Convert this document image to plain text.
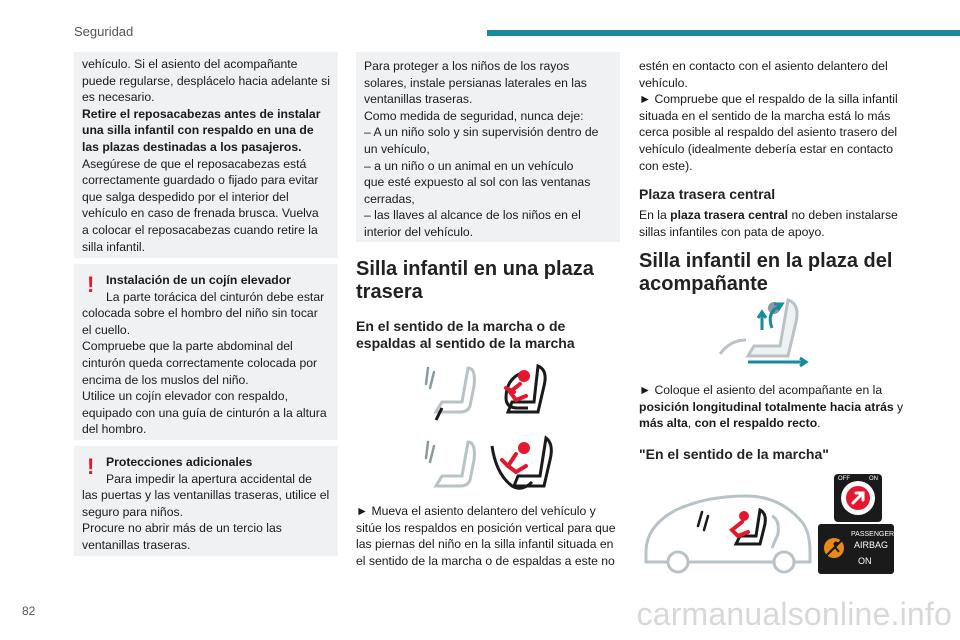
Seguridad

vehículo. Si el asiento del acompañante

puede regularse, desplácelo hacia adelante si

es necesario.

Retire el reposacabezas antes de instalar

una silla infantil con respaldo en una de

las plazas destinadas a los pasajeros.

Asegúrese de que el reposacabezas está

correctamente guardado o fijado para evitar

que salga despedido por el interior del

vehículo en caso de frenada brusca. Vuelva

a colocar el reposacabezas cuando retire la

silla infantil.

! Instalación de un cojín elevador

La parte torácica del cinturón debe estar

colocada sobre el hombro del niño sin tocar

el cuello.

Compruebe que la parte abdominal del

cinturón queda correctamente colocada por

encima de los muslos del niño.

Utilice un cojín elevador con respaldo,

equipado con una guía de cinturón a la altura

del hombro.

! Protecciones adicionales

Para impedir la apertura accidental de

las puertas y las ventanillas traseras, utilice el

seguro para niños.

Procure no abrir más de un tercio las

ventanillas traseras.

Para proteger a los niños de los rayos

solares, instale persianas laterales en las

ventanillas traseras.

Como medida de seguridad, nunca deje:

– A un niño solo y sin supervisión dentro de

un vehículo,

– a un niño o un animal en un vehículo

que esté expuesto al sol con las ventanas

cerradas,

– las llaves al alcance de los niños en el

interior del vehículo.

Silla infantil en una plaza
trasera
En el sentido de la marcha o de
espaldas al sentido de la marcha

► Mueva el asiento delantero del vehículo y

sitúe los respaldos en posición vertical para que

las piernas del niño en la silla infantil situada en

el sentido de la marcha o de espaldas a este no

estén en contacto con el asiento delantero del

vehículo.

► Compruebe que el respaldo de la silla infantil

situada en el sentido de la marcha está lo más

cerca posible al respaldo del asiento trasero del

vehículo (idealmente debería estar en contacto

con este).

Plaza trasera central

En la plaza trasera central no deben instalarse

sillas infantiles con pata de apoyo.

Silla infantil en la plaza del
acompañante

► Coloque el asiento del acompañante en la

posición longitudinal totalmente hacia atrás y

más alta, con el respaldo recto.

"En el sentido de la marcha"
OFF	ON
PASSENGER
AIRBAG
ON
82	carmanualsonline.info
